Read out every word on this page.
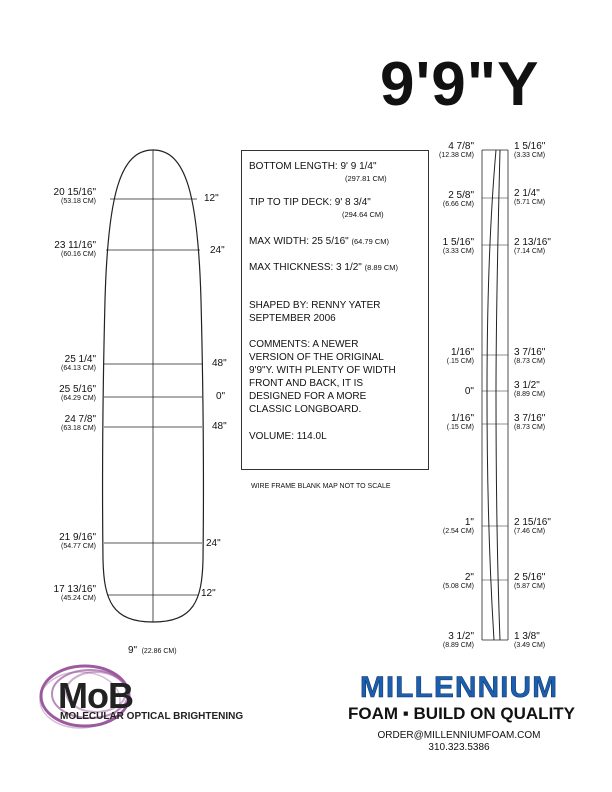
9'9"Y
20 15/16"
(53.18 CM)
23 11/16"
(60.16 CM)
25 1/4"
(64.13 CM)
25 5/16"
(64.29 CM)
24 7/8"
(63.18 CM)
21 9/16"
(54.77 CM)
17 13/16"
(45.24 CM)
12"
24"
48"
0"
48"
24"
12"
9" (22.86 CM)
BOTTOM LENGTH: 9' 9 1/4"
(297.81 CM)
TIP TO TIP DECK: 9' 8 3/4"
(294.64 CM)
MAX WIDTH: 25 5/16" (64.79 CM)
MAX THICKNESS: 3 1/2" (8.89 CM)
SHAPED BY: RENNY YATER
SEPTEMBER 2006
COMMENTS: A NEWER
VERSION OF THE ORIGINAL
9'9"Y. WITH PLENTY OF WIDTH
FRONT AND BACK, IT IS
DESIGNED FOR A MORE
CLASSIC LONGBOARD.
VOLUME: 114.0L
WIRE FRAME BLANK MAP NOT TO SCALE
4 7/8"
(12.38 CM)
2 5/8"
(6.66 CM)
1 5/16"
(3.33 CM)
1/16"
(.15 CM)
0"
1/16"
(.15 CM)
1"
(2.54 CM)
2"
(5.08 CM)
3 1/2"
(8.89 CM)
1 5/16"
(3.33 CM)
2 1/4"
(5.71 CM)
2 13/16"
(7.14 CM)
3 7/16"
(8.73 CM)
3 1/2"
(8.89 CM)
3 7/16"
(8.73 CM)
2 15/16"
(7.46 CM)
2 5/16"
(5.87 CM)
1 3/8"
(3.49 CM)
MoB
MOLECULAR OPTICAL BRIGHTENING
MILLENNIUM
FOAM ▪ BUILD ON QUALITY
ORDER@MILLENNIUMFOAM.COM
310.323.5386
